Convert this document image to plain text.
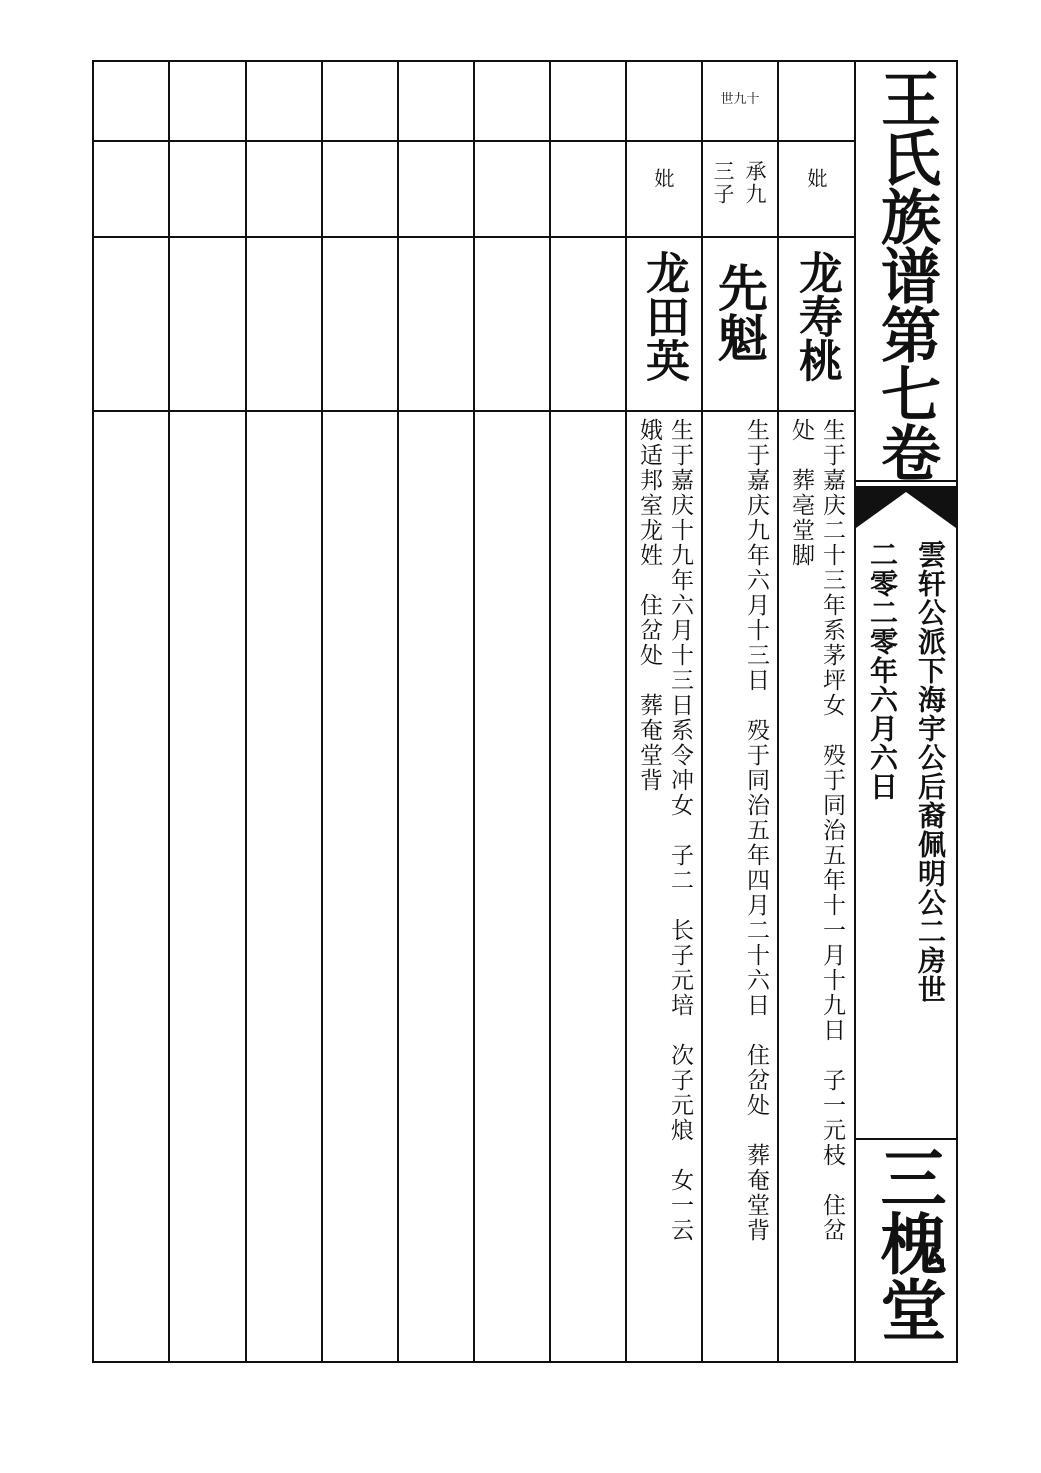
王氏族谱第七卷
雲轩公派下海宇公后裔佩明公二房世
二零二零年六月六日
三槐堂
世九十
妣
龙寿桃
生于嘉庆二十三年系茅坪女　殁于同治五年十一月十九日　子一元枝　住岔
处　葬亳堂脚
承九
三子
先魁
生于嘉庆九年六月十三日　殁于同治五年四月二十六日　住岔处　葬奄堂背
妣
龙田英
生于嘉庆十九年六月十三日系令冲女　子二　长子元培　次子元烺　女一云
娥适邦室龙姓　住岔处　葬奄堂背
